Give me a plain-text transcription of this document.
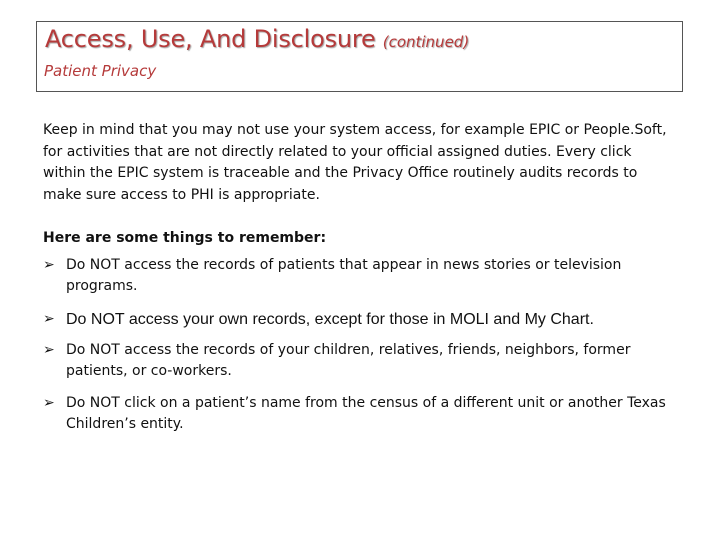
Access, Use, And Disclosure (continued)
Patient Privacy
Keep in mind that you may not use your system access, for example EPIC or People.Soft, for activities that are not directly related to your official assigned duties. Every click within the EPIC system is traceable and the Privacy Office routinely audits records to make sure access to PHI is appropriate.
Here are some things to remember:
➢ Do NOT access the records of patients that appear in news stories or television programs.
➢ Do NOT access your own records, except for those in MOLI and My Chart.
➢ Do NOT access the records of your children, relatives, friends, neighbors, former patients, or co-workers.
➢ Do NOT click on a patient’s name from the census of a different unit or another Texas Children’s entity.
